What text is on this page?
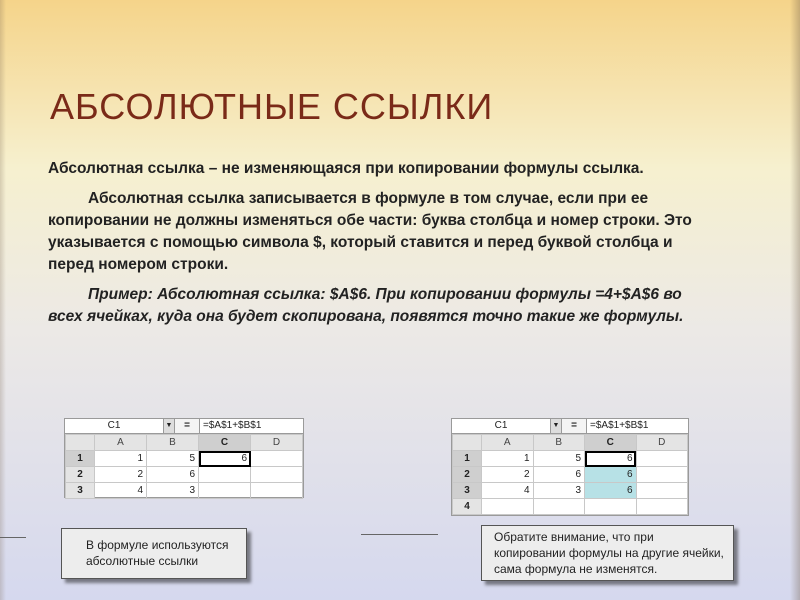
АБСОЛЮТНЫЕ ССЫЛКИ

Абсолютная ссылка – не изменяющаяся при копировании формулы ссылка.

Абсолютная ссылка записывается в формуле в том случае, если при ее копировании не должны изменяться обе части: буква столбца и номер строки. Это указывается с помощью символа $, который ставится и перед буквой столбца и перед номером строки.

Пример: Абсолютная ссылка: $A$6. При копировании формулы =4+$A$6 во всех ячейках, куда она будет скопирована, появятся точно такие же формулы.

C1	▼	=	=$A$1+$B$1
	A	B	C	D
1	1	5	6	
2	2	6		
3	4	3		
C1	▼	=	=$A$1+$B$1
	A	B	C	D
1	1	5	6	
2	2	6	6	
3	4	3	6	
4				
В формуле используются абсолютные ссылки
Обратите внимание, что при копировании формулы на другие ячейки, сама формула не изменятся.
